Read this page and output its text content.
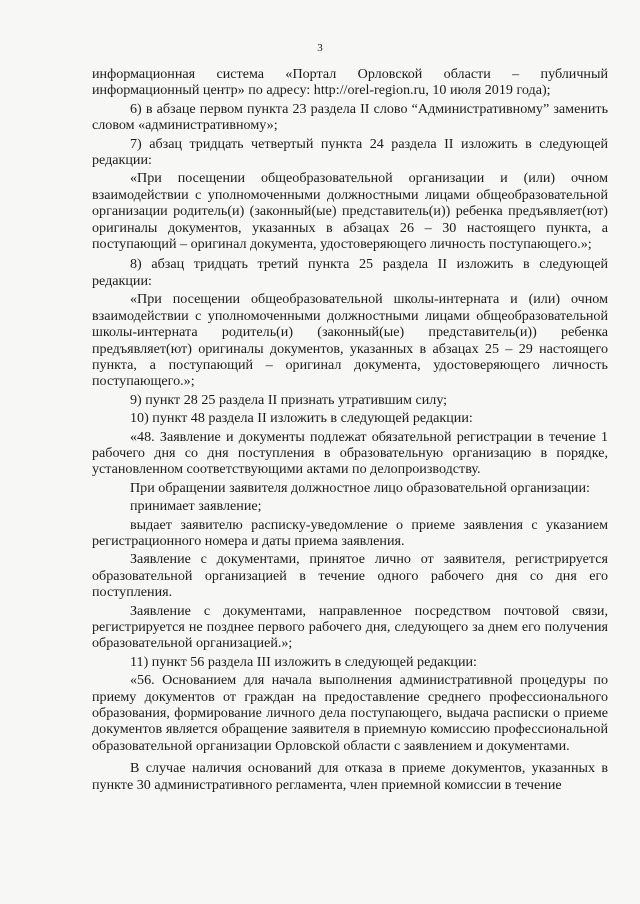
3

информационная система «Портал Орловской области – публичный информационный центр» по адресу: http://orel-region.ru, 10 июля 2019 года);

6) в абзаце первом пункта 23 раздела II слово “Административному” заменить словом «административному»;

7) абзац тридцать четвертый пункта 24 раздела II изложить в следующей редакции:

«При посещении общеобразовательной организации и (или) очном взаимодействии с уполномоченными должностными лицами общеобразовательной организации родитель(и) (законный(ые) представитель(и)) ребенка предъявляет(ют) оригиналы документов, указанных в абзацах 26 – 30 настоящего пункта, а поступающий – оригинал документа, удостоверяющего личность поступающего.»;

8) абзац тридцать третий пункта 25 раздела II изложить в следующей редакции:

«При посещении общеобразовательной школы-интерната и (или) очном взаимодействии с уполномоченными должностными лицами общеобразовательной школы-интерната родитель(и) (законный(ые) представитель(и)) ребенка предъявляет(ют) оригиналы документов, указанных в абзацах 25 – 29 настоящего пункта, а поступающий – оригинал документа, удостоверяющего личность поступающего.»;

9) пункт 28 25 раздела II признать утратившим силу;

10) пункт 48 раздела II изложить в следующей редакции:

«48. Заявление и документы подлежат обязательной регистрации в течение 1 рабочего дня со дня поступления в образовательную организацию в порядке, установленном соответствующими актами по делопроизводству.

При обращении заявителя должностное лицо образовательной организации:

принимает заявление;

выдает заявителю расписку-уведомление о приеме заявления с указанием регистрационного номера и даты приема заявления.

Заявление с документами, принятое лично от заявителя, регистрируется образовательной организацией в течение одного рабочего дня со дня его поступления.

Заявление с документами, направленное посредством почтовой связи, регистрируется не позднее первого рабочего дня, следующего за днем его получения образовательной организацией.»;

11) пункт 56 раздела III изложить в следующей редакции:

«56. Основанием для начала выполнения административной процедуры по приему документов от граждан на предоставление среднего профессионального образования, формирование личного дела поступающего, выдача расписки о приеме документов является обращение заявителя в приемную комиссию профессиональной образовательной организации Орловской области с заявлением и документами.

В случае наличия оснований для отказа в приеме документов, указанных в пункте 30 административного регламента, член приемной комиссии в течение
